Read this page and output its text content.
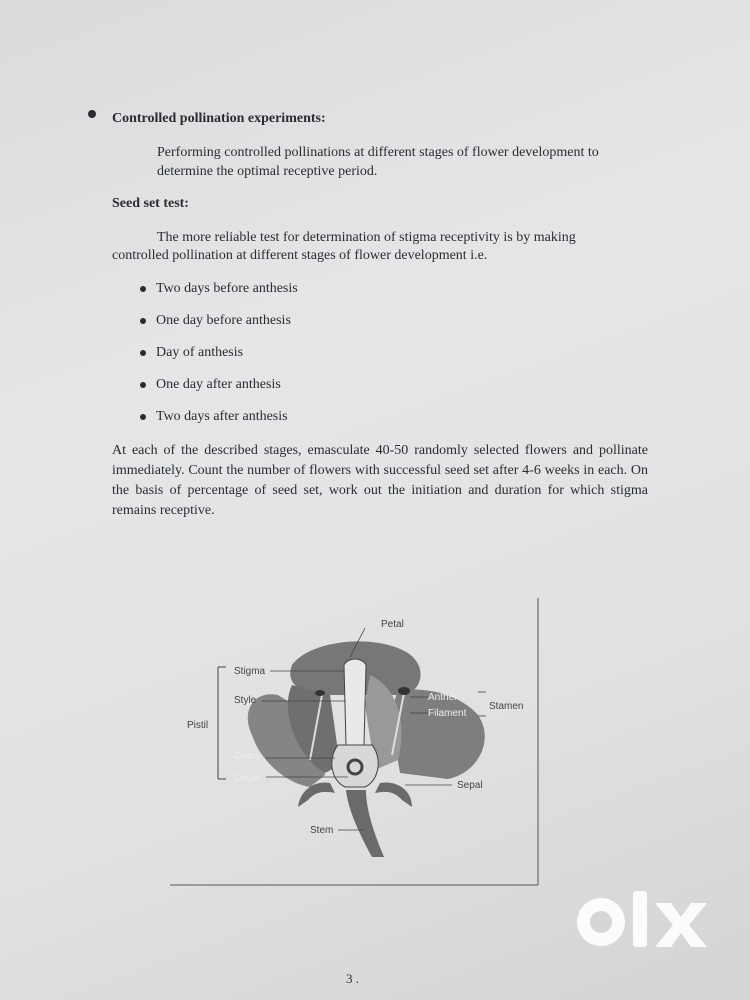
Controlled pollination experiments:

Performing controlled pollinations at different stages of flower development to

determine the optimal receptive period.

Seed set test:

The more reliable test for determination of stigma receptivity is by making

controlled pollination at different stages of flower development i.e.

Two days before anthesis

One day before anthesis

Day of anthesis

One day after anthesis

Two days after anthesis

At each of the described stages, emasculate 40-50 randomly selected flowers and pollinate immediately. Count the number of flowers with successful seed set after 4-6 weeks in each. On the basis of percentage of seed set, work out the initiation and duration for which stigma remains receptive.

Petal
Stigma
Style
Pistil
Ovary
Ovule
Anther
Filament
Stamen
Sepal
Stem

3 .
